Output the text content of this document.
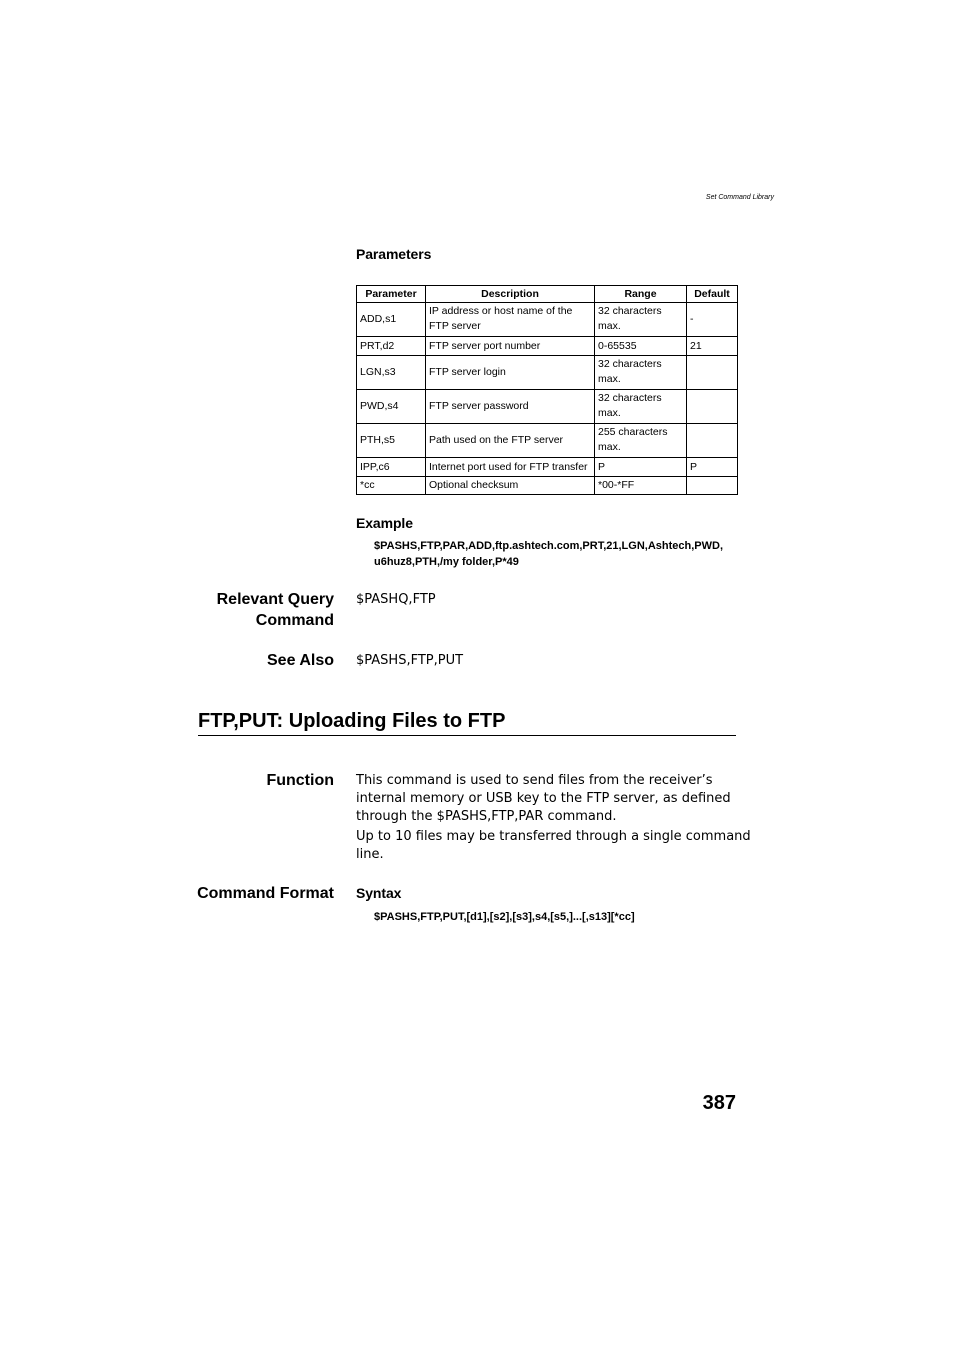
Set Command Library
Parameters
Parameter	Description	Range	Default
ADD,s1	IP address or host name of the FTP server	32 characters max.	-
PRT,d2	FTP server port number	0-65535	21
LGN,s3	FTP server login	32 characters max.	
PWD,s4	FTP server password	32 characters max.	
PTH,s5	Path used on the FTP server	255 characters max.	
IPP,c6	Internet port used for FTP transfer	P	P
*cc	Optional checksum	*00-*FF	
Example
$PASHS,FTP,PAR,ADD,ftp.ashtech.com,PRT,21,LGN,Ashtech,PWD,
u6huz8,PTH,/my folder,P*49
Relevant Query
Command
$PASHQ,FTP
See Also $PASHS,FTP,PUT
FTP,PUT: Uploading Files to FTP
Function This command is used to send files from the receiver’s
internal memory or USB key to the FTP server, as defined
through the $PASHS,FTP,PAR command.
Up to 10 files may be transferred through a single command
line.
Command Format Syntax
$PASHS,FTP,PUT,[d1],[s2],[s3],s4,[s5,]...[,s13][*cc]
387
